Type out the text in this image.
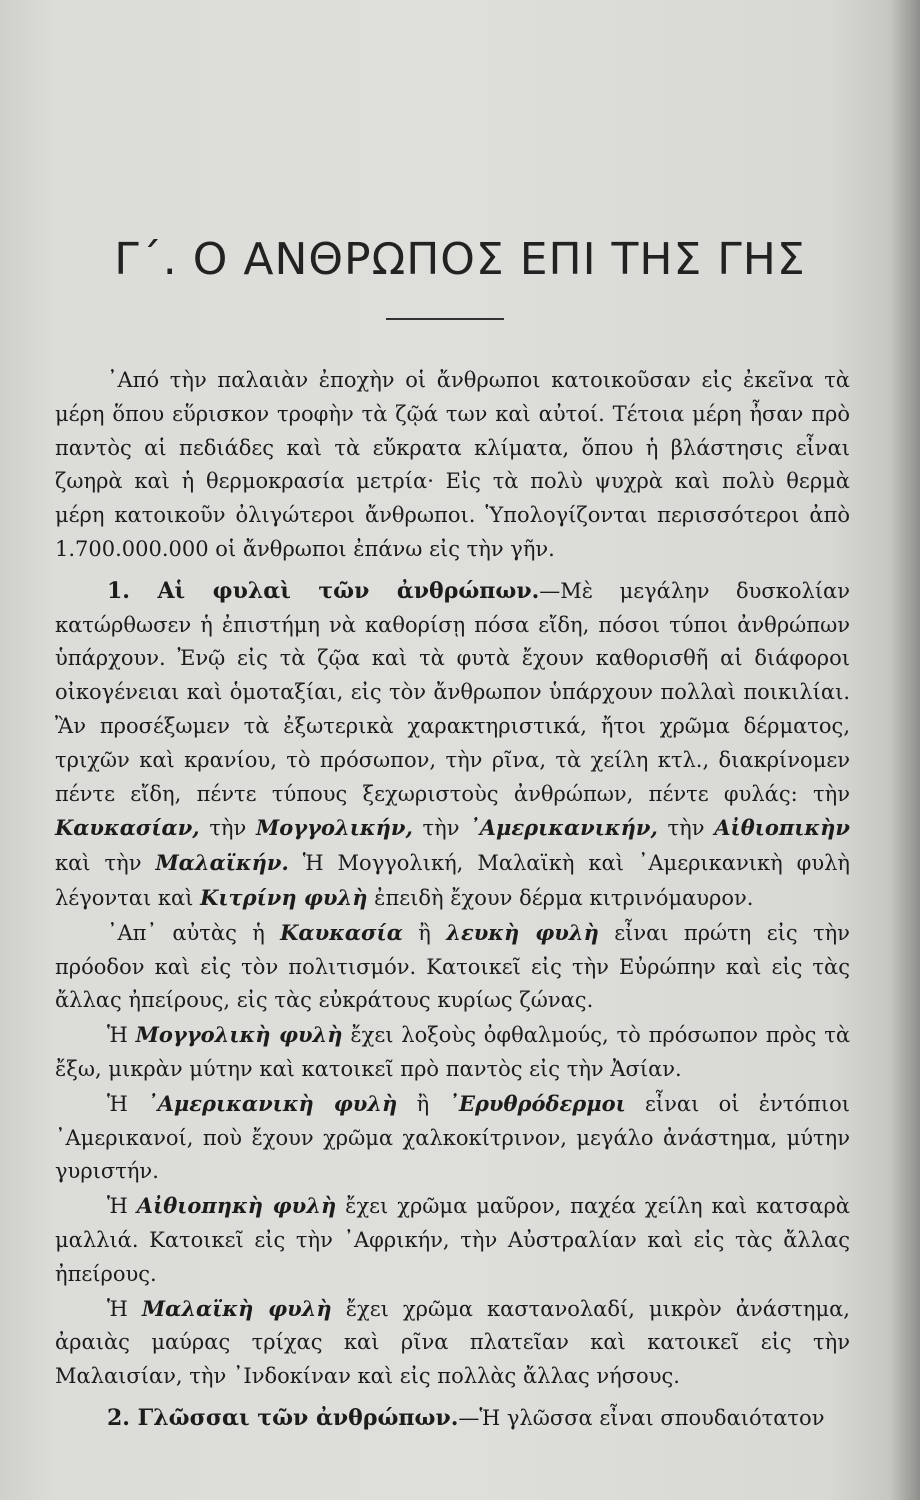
Γ΄. Ο ΑΝΘΡΩΠΟΣ ΕΠΙ ΤΗΣ ΓΗΣ

᾿Από τὴν παλαιὰν ἐποχὴν οἱ ἄνθρωποι κατοικοῦσαν εἰς ἐκεῖνα τὰ μέρη ὅπου εὕρισκον τροφὴν τὰ ζῷά των καὶ αὐτοί. Τέτοια μέρη ἦσαν πρὸ παντὸς αἱ πεδιάδες καὶ τὰ εὔκρατα κλίματα, ὅπου ἡ βλάστησις εἶναι ζωηρὰ καὶ ἡ θερμοκρασία μετρία· Εἰς τὰ πολὺ ψυχρὰ καὶ πολὺ θερμὰ μέρη κατοικοῦν ὀλιγώτεροι ἄνθρωποι. Ὑπολογίζονται περισσότεροι ἀπὸ 1.700.000.000 οἱ ἄνθρωποι ἐπάνω εἰς τὴν γῆν.

1. Αἱ φυλαὶ τῶν ἀνθρώπων.—Μὲ μεγάλην δυσκολίαν κατώρθωσεν ἡ ἐπιστήμη νὰ καθορίσῃ πόσα εἴδη, πόσοι τύποι ἀνθρώπων ὑπάρχουν. Ἐνῷ εἰς τὰ ζῷα καὶ τὰ φυτὰ ἔχουν καθορισθῆ αἱ διάφοροι οἰκογένειαι καὶ ὁμοταξίαι, εἰς τὸν ἄνθρωπον ὑπάρχουν πολλαὶ ποικιλίαι. Ἂν προσέξωμεν τὰ ἐξωτερικὰ χαρακτηριστικά, ἤτοι χρῶμα δέρματος, τριχῶν καὶ κρανίου, τὸ πρόσωπον, τὴν ρῖνα, τὰ χείλη κτλ., διακρίνομεν πέντε εἴδη, πέντε τύπους ξεχωριστοὺς ἀνθρώπων, πέντε φυλάς: τὴν Καυκασίαν, τὴν Μογγολικήν, τὴν ᾿Αμερικανικήν, τὴν Αἰθιοπικὴν καὶ τὴν Μαλαϊκήν. Ἡ Μογγολική, Μαλαϊκὴ καὶ ᾿Αμερικανικὴ φυλὴ λέγονται καὶ Κιτρίνη φυλὴ ἐπειδὴ ἔχουν δέρμα κιτρινόμαυρον.

᾿Απ᾿ αὐτὰς ἡ Καυκασία ἢ λευκὴ φυλὴ εἶναι πρώτη εἰς τὴν πρόοδον καὶ εἰς τὸν πολιτισμόν. Κατοικεῖ εἰς τὴν Εὐρώπην καὶ εἰς τὰς ἄλλας ἠπείρους, εἰς τὰς εὐκράτους κυρίως ζώνας.

Ἡ Μογγολικὴ φυλὴ ἔχει λοξοὺς ὀφθαλμούς, τὸ πρόσωπον πρὸς τὰ ἔξω, μικρὰν μύτην καὶ κατοικεῖ πρὸ παντὸς εἰς τὴν Ἀσίαν.

Ἡ ᾿Αμερικανικὴ φυλὴ ἢ ᾿Ερυθρόδερμοι εἶναι οἱ ἐντόπιοι ᾿Αμερικανοί, ποὺ ἔχουν χρῶμα χαλκοκίτρινον, μεγάλο ἀνάστημα, μύτην γυριστήν.

Ἡ Αἰθιοπηκὴ φυλὴ ἔχει χρῶμα μαῦρον, παχέα χείλη καὶ κατσαρὰ μαλλιά. Κατοικεῖ εἰς τὴν ᾿Αφρικήν, τὴν Αὐστραλίαν καὶ εἰς τὰς ἄλλας ἠπείρους.

Ἡ Μαλαϊκὴ φυλὴ ἔχει χρῶμα καστανολαδί, μικρὸν ἀνάστημα, ἀραιὰς μαύρας τρίχας καὶ ρῖνα πλατεῖαν καὶ κατοικεῖ εἰς τὴν Μαλαισίαν, τὴν ᾿Ινδοκίναν καὶ εἰς πολλὰς ἄλλας νήσους.

2. Γλῶσσαι τῶν ἀνθρώπων.—Ἡ γλῶσσα εἶναι σπουδαιότατον
